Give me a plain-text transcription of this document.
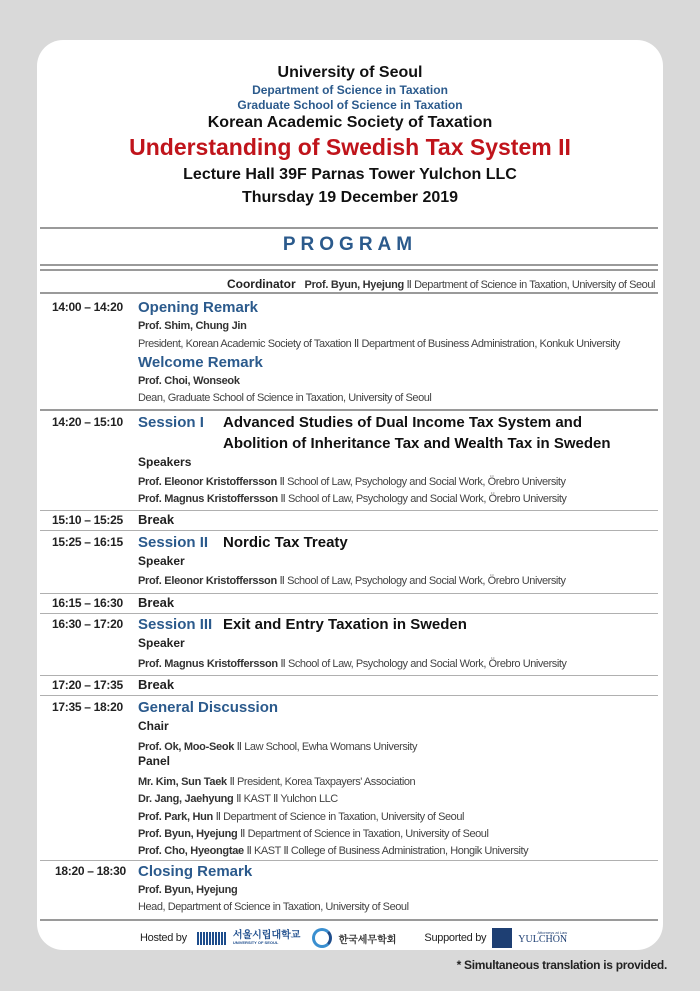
University of Seoul
Department of Science in Taxation
Graduate School of Science in Taxation
Korean Academic Society of Taxation
Understanding of Swedish Tax System II
Lecture Hall 39F Parnas Tower Yulchon LLC
Thursday 19 December 2019
PROGRAM
Coordinator Prof. Byun, Hyejung Ⅱ Department of Science in Taxation, University of Seoul
14:00 – 14:20 Opening Remark
Prof. Shim, Chung Jin
President, Korean Academic Society of Taxation Ⅱ Department of Business Administration, Konkuk University
Welcome Remark
Prof. Choi, Wonseok
Dean, Graduate School of Science in Taxation, University of Seoul
14:20 – 15:10 Session I Advanced Studies of Dual Income Tax System and
Abolition of Inheritance Tax and Wealth Tax in Sweden
Speakers
Prof. Eleonor Kristoffersson Ⅱ School of Law, Psychology and Social Work, Örebro University
Prof. Magnus Kristoffersson Ⅱ School of Law, Psychology and Social Work, Örebro University
15:10 – 15:25 Break
15:25 – 16:15 Session II Nordic Tax Treaty
Speaker
Prof. Eleonor Kristoffersson Ⅱ School of Law, Psychology and Social Work, Örebro University
16:15 – 16:30 Break
16:30 – 17:20 Session III Exit and Entry Taxation in Sweden
Speaker
Prof. Magnus Kristoffersson Ⅱ School of Law, Psychology and Social Work, Örebro University
17:20 – 17:35 Break
17:35 – 18:20 General Discussion
Chair
Prof. Ok, Moo-Seok Ⅱ Law School, Ewha Womans University
Panel
Mr. Kim, Sun Taek Ⅱ President, Korea Taxpayers' Association
Dr. Jang, Jaehyung Ⅱ KAST Ⅱ Yulchon LLC
Prof. Park, Hun Ⅱ Department of Science in Taxation, University of Seoul
Prof. Byun, Hyejung Ⅱ Department of Science in Taxation, University of Seoul
Prof. Cho, Hyeongtae Ⅱ KAST Ⅱ College of Business Administration, Hongik University
18:20 – 18:30 Closing Remark
Prof. Byun, Hyejung
Head, Department of Science in Taxation, University of Seoul
Hosted by	서울시립대학교
UNIVERSITY OF SEOUL	한국세무학회	Supported by	Attorneys at Law
YULCHON
* Simultaneous translation is provided.
